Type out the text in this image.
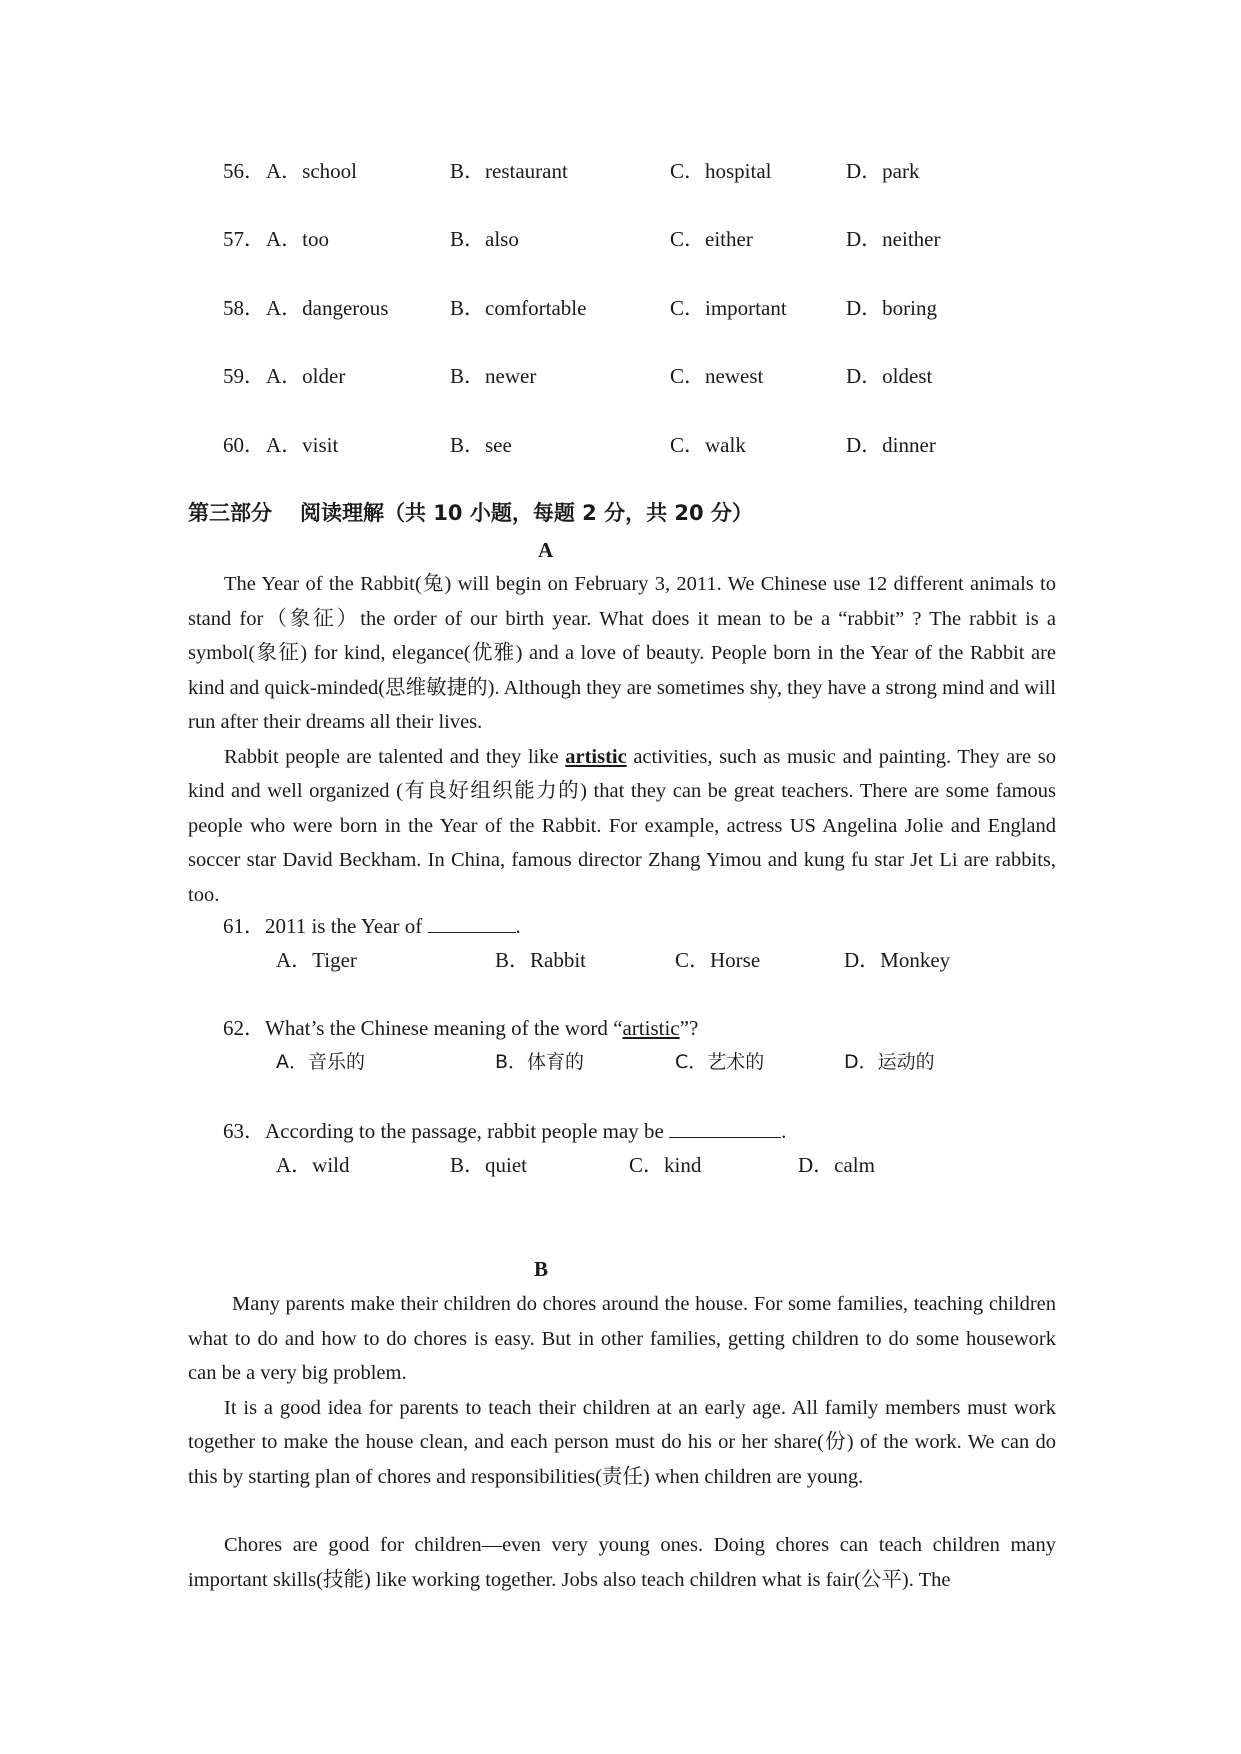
56． A．school	B．restaurant	C．hospital	D．park
57． A．too	B．also	C．either	D．neither
58． A．dangerous	B．comfortable	C．important	D．boring
59． A．older	B．newer	C．newest	D．oldest
60． A．visit	B．see	C．walk	D．dinner
第三部分 阅读理解（共 10 小题，每题 2 分，共 20 分）
A

The Year of the Rabbit(兔) will begin on February 3, 2011. We Chinese use 12 different animals to stand for（象征）the order of our birth year. What does it mean to be a “rabbit” ? The rabbit is a symbol(象征) for kind, elegance(优雅) and a love of beauty. People born in the Year of the Rabbit are kind and quick-minded(思维敏捷的). Although they are sometimes shy, they have a strong mind and will run after their dreams all their lives.

Rabbit people are talented and they like artistic activities, such as music and painting. They are so kind and well organized (有良好组织能力的) that they can be great teachers. There are some famous people who were born in the Year of the Rabbit. For example, actress US Angelina Jolie and England soccer star David Beckham. In China, famous director Zhang Yimou and kung fu star Jet Li are rabbits, too.

61．2011 is the Year of	.
A．Tiger	B．Rabbit	C．Horse	D．Monkey
62．What’s the Chinese meaning of the word “artistic”?
A．音乐的	B．体育的	C．艺术的	D．运动的
63．According to the passage, rabbit people may be	.
A．wild	B．quiet	C．kind	D．calm
B

Many parents make their children do chores around the house. For some families, teaching children what to do and how to do chores is easy. But in other families, getting children to do some housework can be a very big problem.

It is a good idea for parents to teach their children at an early age. All family members must work together to make the house clean, and each person must do his or her share(份) of the work. We can do this by starting plan of chores and responsibilities(责任) when children are young.

Chores are good for children—even very young ones. Doing chores can teach children many important skills(技能) like working together. Jobs also teach children what is fair(公平). The
